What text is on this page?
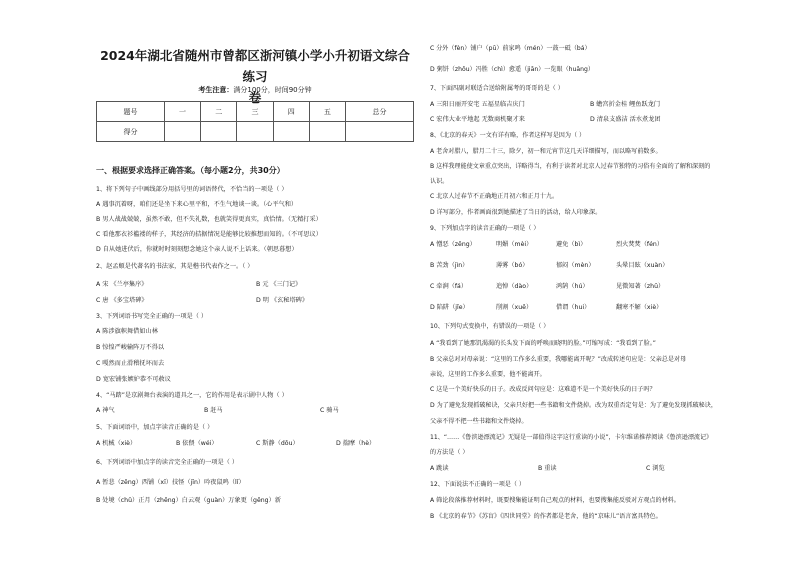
2024年湖北省随州市曾都区浙河镇小学小升初语文综合练习
卷
考生注意：满分100分，时间90分钟
题号	一	二	三	四	五	总分
得分						
一、根据要求选择正确答案。（每小题2分，共30分）
1、将下列句子中画线部分用括号里的词语替代，不恰当的一项是（ ）
A 遇事沉着呀，咱们还是坐下来心里平和，不生气地谈一谈。（心平气和）
B 男人战战兢兢，虽然不敢，但不失礼数，也就笑得更真实，真恰情。（无精打采）
C 看他那衣衫褴褛的样子，其经济的拮据情况是能够比较推想而知的。（不可思议）
D 自从她进伏后，你就时时刻刻想念她这个亲人说不上话来。（朝思暮想）
2、赵孟頫是代著名的书法家，其是楷书代表作之一。（ ）
A 宋 《兰亭集序》	B 元 《三门记》
C 唐 《多宝塔碑》	D 明 《玄秘塔碑》
3、下列词语书写完全正确的一项是（ ）
A 陈涉旗帜舞借如山林
B 惊惶严峻输阵万不得以
C 嘎然而止滑稽抚坏而去
D 宽宏铺张嫉妒恭不可赦议
4、“马踏”是京剧舞台表演的道具之一，它的作用是表示剧中人物（ ）
A 神气	B 赶马	C 骑马
5、下面词语中，加点字读音正确的是（ ）
A 机械（xiè）	B 依偎（wéi）	C 斯静（dōu）	D 揣摩（hè）
6、下列词语中加点字的读音完全正确的一项是（ ）
A 暂悲（zēng）西铺（xī）技怪（jīn）吟夜鼠鸣（lǐ）
B 处境（chǔ）正月（zhēng）白云观（guàn）万象更（gēng）新
C 分外（fèn）铺户（pū）前家鸣（mén）一鼓一砥（bá）
D 粥饼（zhōu）冯胜（chì）愈遥（jiān）一览眼（huāng）
7、下面四副对联适合送给附属考的哥哥的是（ ）
A 三阳日丽开安宅 五福星临吉庆门	B 蟾宫折金桂 鲤鱼跃龙门
C 宏伟大业平地起 无数商机聚才来	D 清泉支盛洁 活水煮龙团
8、《北京的春天》一文有详有略，作者这样写是因为（ ）
A 老舍对腊八，腊月二十三，除夕，初一和元宵节这几天详细描写，而以略写前数多。
B 这样我理能使文章重点突出，详略得当，有利于读者对北京人过春节独特的习俗有全面的了解和深刻的
认识。
C 北京人过春节不正确地正月初六和正月十九。
D 详写部分，作者画面很到她描述了当日的活动，给人印象深。
9、下列加点字的读音正确的一项是（ ）
A 憎恶（zēng）	明媚（mèi）	避免（bì）	烈火焚焚（fén）
B 苦劲（jìn）	薄雾（bó）	郁闷（mèn）	头晕目眩（xuàn）
C 牵涧（fá）	追悼（dào）	鸿鹄（hú）	见微知著（zhū）
D 陷阱（jǐe）	削割（xuē）	借谓（hui）	翻寒不解（xiè）
10、下列句式变换中，有错误的一项是（ ）
A “我看到了她那饥渴渴的长头发下面的呼唤而晓明的脸。”可缩写成：“我看到了脸。”
B 父亲总对对母亲说：“这里的工作多么重要，我哪能离开呢？”改成转述句应是：父亲总是对母
亲说，这里的工作多么重要，他不能离开。
C 这是一个美好快乐的日子。改成反问句应是：这难道不是一个美好快乐的日子吗？
D 为了避免发现抓破秘诀，父亲只好把一些书籍和文件烧掉。改为双重否定句是：为了避免发现抓破秘诀，
父亲不得不把一些书籍和文件烧掉。
11、“……《鲁滨逊漂流记》无疑是一部值得这字这行重读的小说”，卡尔维诺推荐阅读《鲁滨逊漂流记》
的方法是（ ）
A 跳读	B 重读	C 浏览
12、下面说法不正确的一项是（ ）
A 筛论段落推荐材料时，既要搜集能证明自己观点的材料，也要搜集能反驳对方观点的材料。
B 《北京的春节》《苏盲》《四世同堂》的作者都是老舍，他的“京味儿”语言富具特色。
